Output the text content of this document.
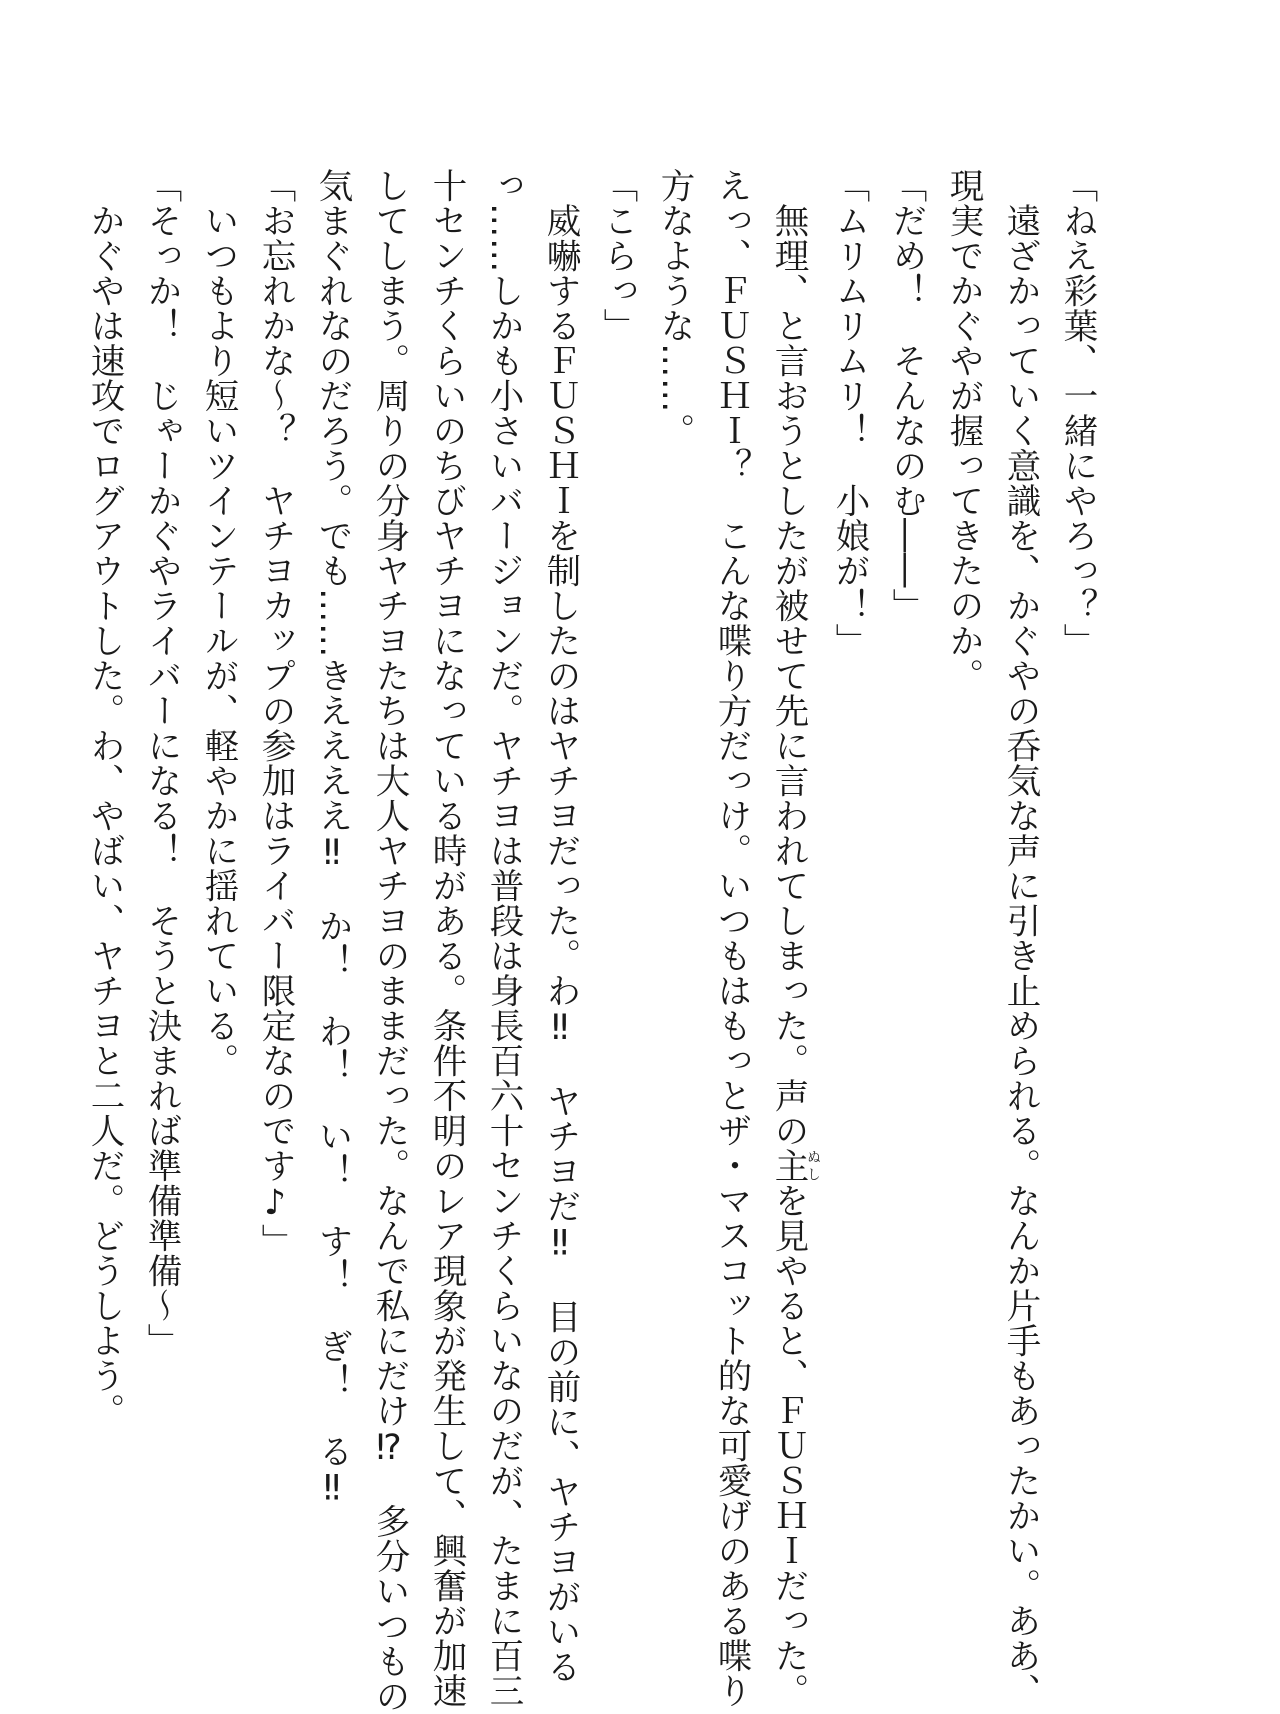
「ねえ彩葉、一緒にやろっ？」

　遠ざかっていく意識を、かぐやの呑気な声に引き止められる。なんか片手もあったかい。ああ、

現実でかぐやが握ってきたのか。

「だめ！　そんなのむ――」

「ムリムリムリ！　小娘が！」

　無理、と言おうとしたが被せて先に言われてしまった。声の主ぬしを見やると、ＦＵＳＨＩだった。

えっ、ＦＵＳＨＩ？　こんな喋り方だっけ。いつもはもっとザ・マスコット的な可愛げのある喋り

方なような……。

「こらっ」

　威嚇するＦＵＳＨＩを制したのはヤチヨだった。わ‼　ヤチヨだ‼　目の前に、ヤチヨがいる

っ……しかも小さいバージョンだ。ヤチヨは普段は身長百六十センチくらいなのだが、たまに百三

十センチくらいのちびヤチヨになっている時がある。条件不明のレア現象が発生して、興奮が加速

してしまう。周りの分身ヤチヨたちは大人ヤチヨのままだった。なんで私にだけ⁉　多分いつもの

気まぐれなのだろう。でも……きええええ‼　か！　わ！　い！　す！　ぎ！　る‼

「お忘れかな～？　ヤチヨカップの参加はライバー限定なのです♪」

　いつもより短いツインテールが、軽やかに揺れている。

「そっか！　じゃーかぐやライバーになる！　そうと決まれば準備準備～」

　かぐやは速攻でログアウトした。わ、やばい、ヤチヨと二人だ。どうしよう。
